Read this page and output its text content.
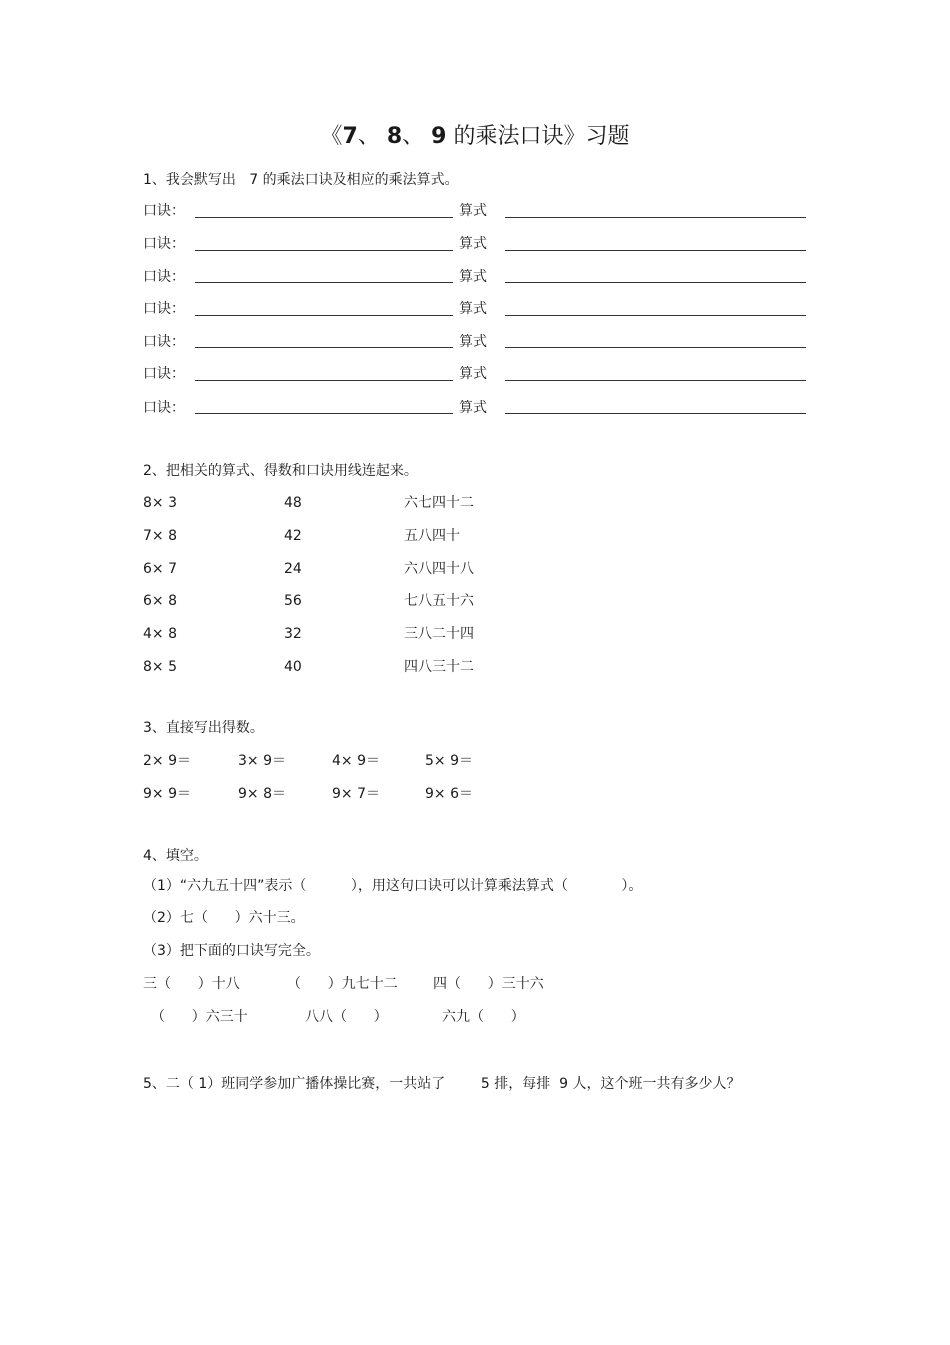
《7、 8、 9 的乘法口诀》习题
1、我会默写出   7 的乘法口诀及相应的乘法算式。
口诀：	算式
口诀：	算式
口诀：	算式
口诀：	算式
口诀：	算式
口诀：	算式
口诀：	算式
2、把相关的算式、得数和口诀用线连起来。
8× 3	48	六七四十二
7× 8	42	五八四十
6× 7	24	六八四十八
6× 8	56	七八五十六
4× 8	32	三八二十四
8× 5	40	四八三十二
3、直接写出得数。
2× 9＝	3× 9＝	4× 9＝	5× 9＝
9× 9＝	9× 8＝	9× 7＝	9× 6＝
4、填空。
（1）“六九五十四”表示（          ），用这句口诀可以计算乘法算式（            ）。
（2）七（      ）六十三。
（3）把下面的口诀写完全。
三（      ）十八	（      ）九七十二	四（      ）三十六
（      ）六三十	八八（      ）	六九（      ）
5、二（ 1）班同学参加广播体操比赛，一共站了        5 排，每排  9 人，这个班一共有多少人？
